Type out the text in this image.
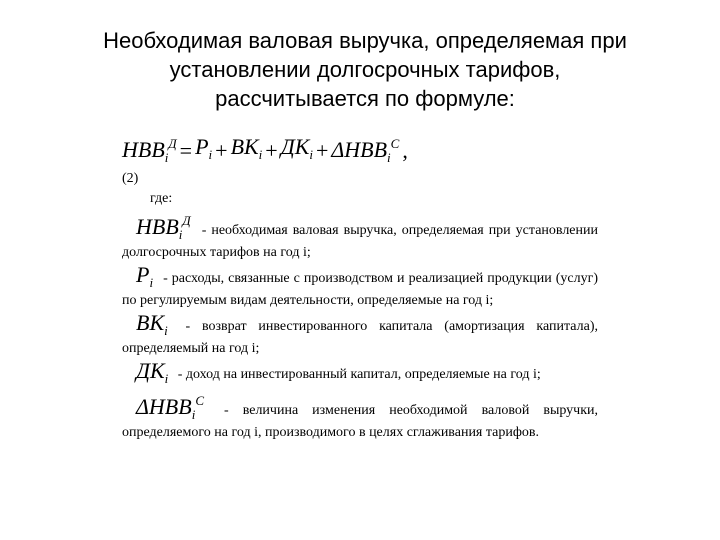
Необходимая валовая выручка, определяемая при
установлении долгосрочных тарифов,
рассчитывается по формуле:
$НВВ_i^Д = Р_i + ВК_i + ДК_i + \Delta НВВ_i^С$ ,
(2)
где:
$НВВ_i^Д$ - необходимая валовая выручка, определяемая при установлении долгосрочных тарифов на год i;
$Р_i$ - расходы, связанные с производством и реализацией продукции (услуг) по регулируемым видам деятельности, определяемые на год i;
$ВК_i$ - возврат инвестированного капитала (амортизация капитала), определяемый на год i;
$ДК_i$ - доход на инвестированный капитал, определяемые на год i;
$\Delta НВВ_i^С$ - величина изменения необходимой валовой выручки, определяемого на год i, производимого в целях сглаживания тарифов.
